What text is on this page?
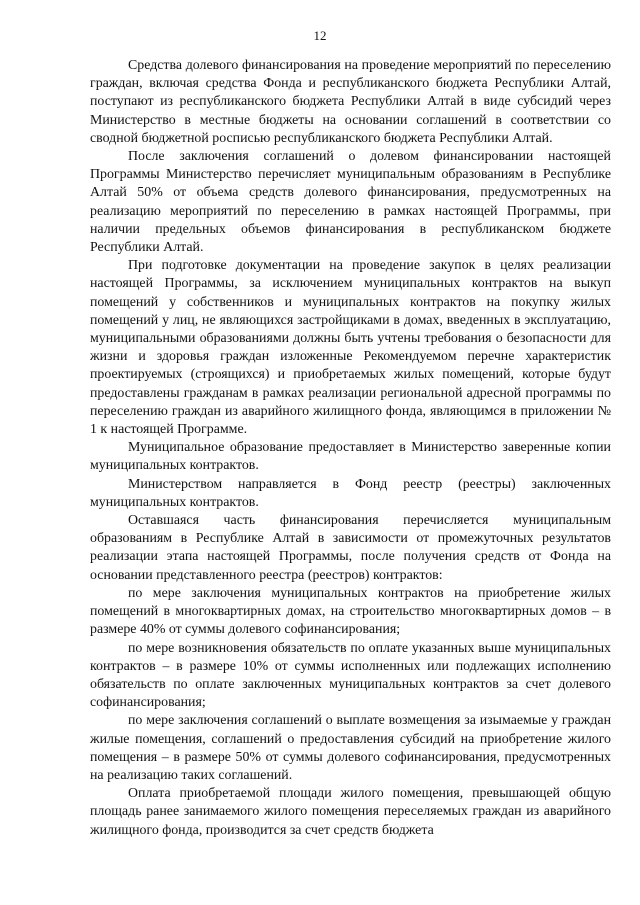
12

Средства долевого финансирования на проведение мероприятий по переселению граждан, включая средства Фонда и республиканского бюджета Республики Алтай, поступают из республиканского бюджета Республики Алтай в виде субсидий через Министерство в местные бюджеты на основании соглашений в соответствии со сводной бюджетной росписью республиканского бюджета Республики Алтай.

После заключения соглашений о долевом финансировании настоящей Программы Министерство перечисляет муниципальным образованиям в Республике Алтай 50% от объема средств долевого финансирования, предусмотренных на реализацию мероприятий по переселению в рамках настоящей Программы, при наличии предельных объемов финансирования в республиканском бюджете Республики Алтай.

При подготовке документации на проведение закупок в целях реализации настоящей Программы, за исключением муниципальных контрактов на выкуп помещений у собственников и муниципальных контрактов на покупку жилых помещений у лиц, не являющихся застройщиками в домах, введенных в эксплуатацию, муниципальными образованиями должны быть учтены требования о безопасности для жизни и здоровья граждан изложенные Рекомендуемом перечне характеристик проектируемых (строящихся) и приобретаемых жилых помещений, которые будут предоставлены гражданам в рамках реализации региональной адресной программы по переселению граждан из аварийного жилищного фонда, являющимся в приложении № 1 к настоящей Программе.

Муниципальное образование предоставляет в Министерство заверенные копии муниципальных контрактов.

Министерством направляется в Фонд реестр (реестры) заключенных муниципальных контрактов.

Оставшаяся часть финансирования перечисляется муниципальным образованиям в Республике Алтай в зависимости от промежуточных результатов реализации этапа настоящей Программы, после получения средств от Фонда на основании представленного реестра (реестров) контрактов:

по мере заключения муниципальных контрактов на приобретение жилых помещений в многоквартирных домах, на строительство многоквартирных домов – в размере 40% от суммы долевого софинансирования;

по мере возникновения обязательств по оплате указанных выше муниципальных контрактов – в размере 10% от суммы исполненных или подлежащих исполнению обязательств по оплате заключенных муниципальных контрактов за счет долевого софинансирования;

по мере заключения соглашений о выплате возмещения за изымаемые у граждан жилые помещения, соглашений о предоставления субсидий на приобретение жилого помещения – в размере 50% от суммы долевого софинансирования, предусмотренных на реализацию таких соглашений.

Оплата приобретаемой площади жилого помещения, превышающей общую площадь ранее занимаемого жилого помещения переселяемых граждан из аварийного жилищного фонда, производится за счет средств бюджета
